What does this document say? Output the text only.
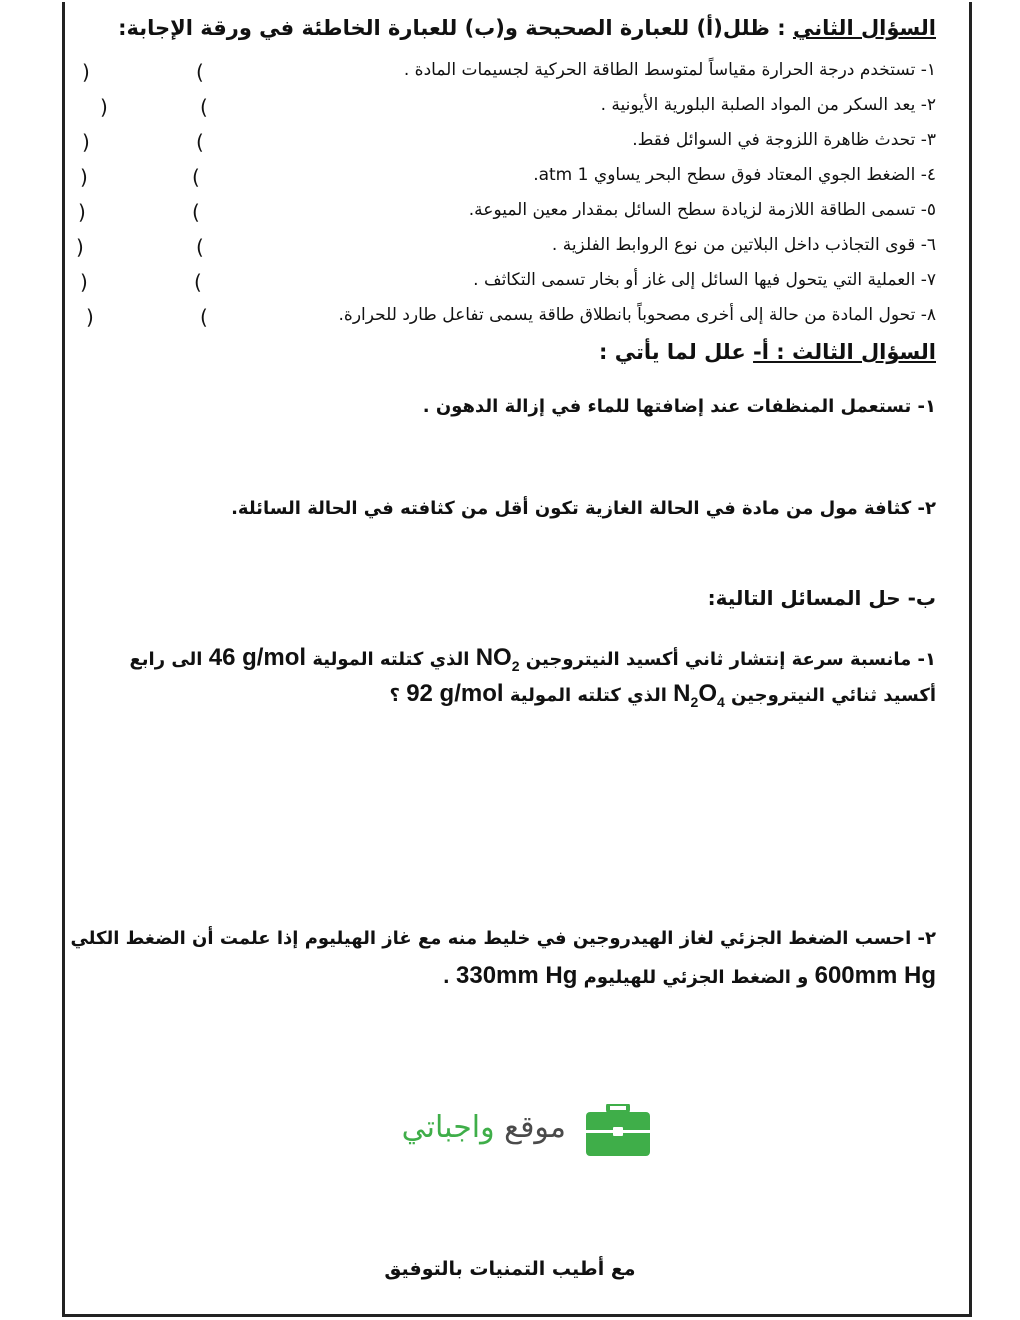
السؤال الثاني : ظلل(أ) للعبارة الصحيحة و(ب) للعبارة الخاطئة في ورقة الإجابة:
١- تستخدم درجة الحرارة مقياساً لمتوسط الطاقة الحركية لجسيمات المادة .
٢- يعد السكر من المواد الصلبة البلورية الأيونية .
٣- تحدث ظاهرة اللزوجة في السوائل فقط.
٤- الضغط الجوي المعتاد فوق سطح البحر يساوي 1 atm.
٥- تسمى الطاقة اللازمة لزيادة سطح السائل بمقدار معين الميوعة.
٦- قوى التجاذب داخل البلاتين من نوع الروابط الفلزية .
٧- العملية التي يتحول فيها السائل إلى غاز أو بخار تسمى التكاثف .
٨- تحول المادة من حالة إلى أخرى مصحوباً بانطلاق طاقة يسمى تفاعل طارد للحرارة.
(
)
(
)
(
)
(
)
(
)
(
)
(
)
(
)
السؤال الثالث : أ- علل لما يأتي :
١- تستعمل المنظفات عند إضافتها للماء في إزالة الدهون .
٢- كثافة مول من مادة في الحالة الغازية تكون أقل من كثافته في الحالة السائلة.
ب- حل المسائل التالية:
١- مانسبة سرعة إنتشار ثاني أكسيد النيتروجين $NO_2$ الذي كتلته المولية 46 g/mol الى رابع
أكسيد ثنائي النيتروجين $N_2O_4$ الذي كتلته المولية 92 g/mol ؟
٢- احسب الضغط الجزئي لغاز الهيدروجين في خليط منه مع غاز الهيليوم إذا علمت أن الضغط الكلي
600mm Hg و الضغط الجزئي للهيليوم 330mm Hg .
موقع واجباتي
مع أطيب التمنيات بالتوفيق
